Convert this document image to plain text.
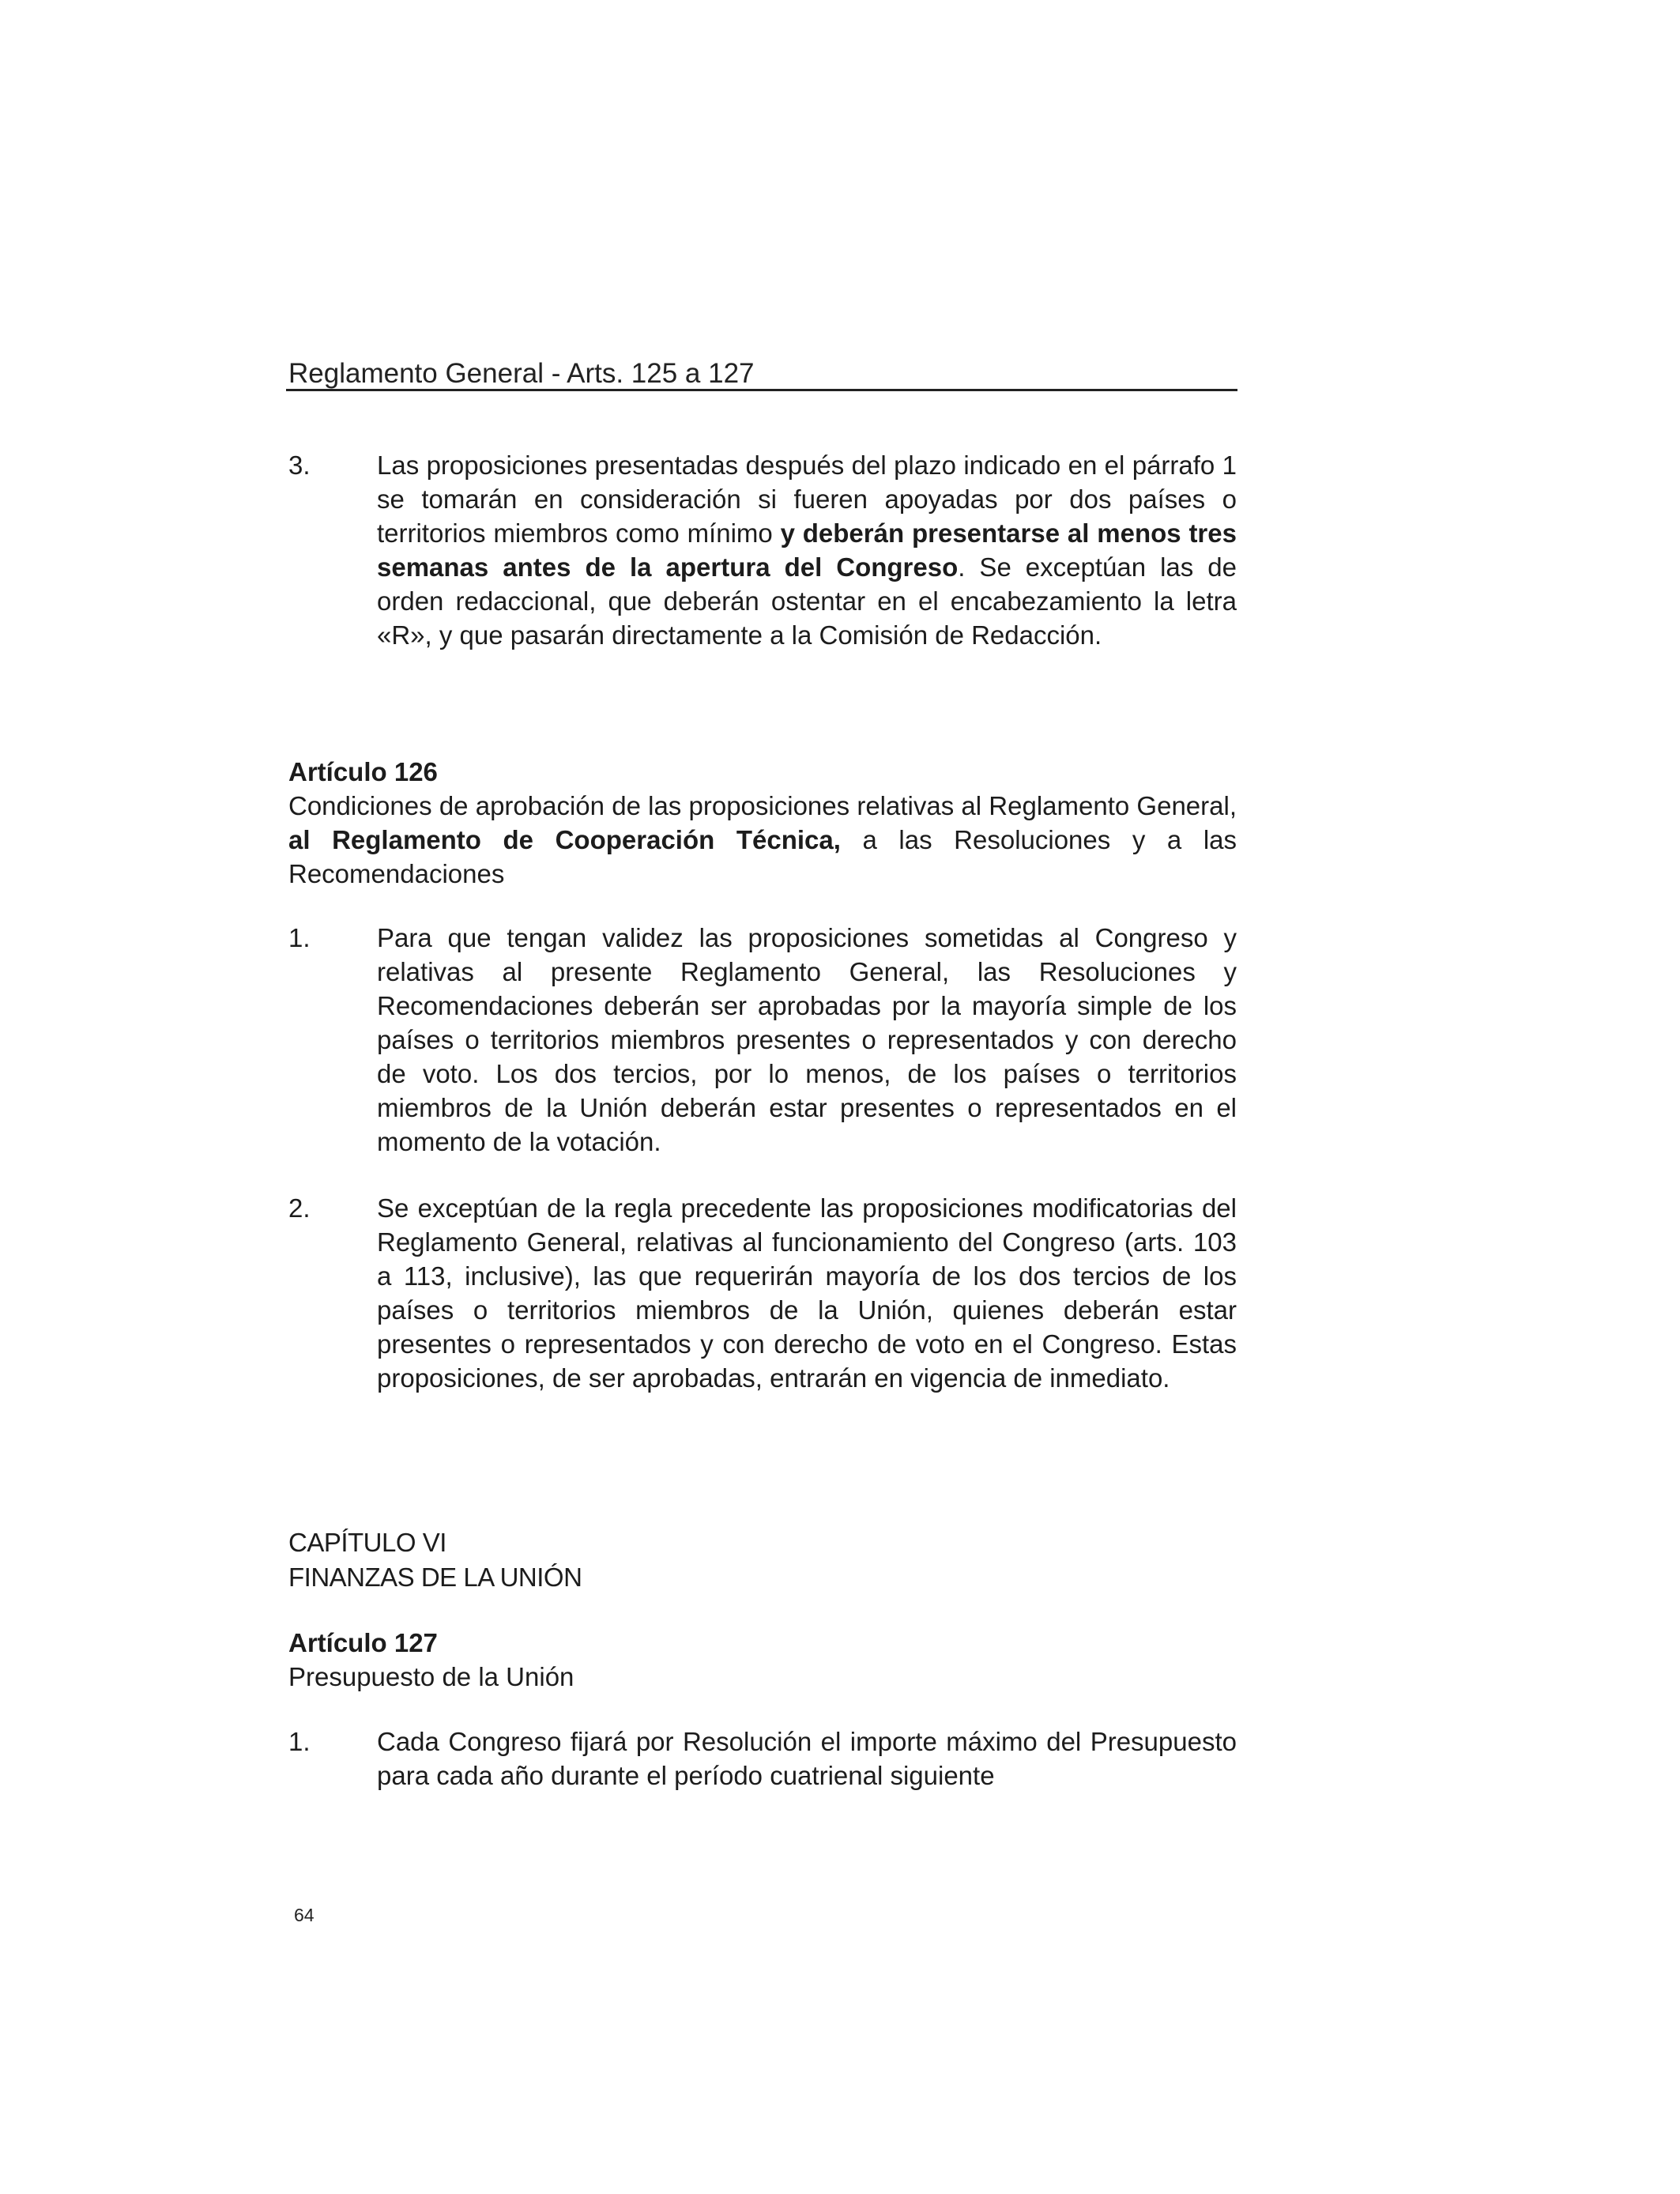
Reglamento General - Arts. 125 a 127
3.	Las proposiciones presentadas después del plazo indicado en el párrafo 1 se tomarán en consideración si fueren apoyadas por dos países o territorios miembros como mínimo y deberán presentarse al menos tres semanas antes de la apertura del Congreso. Se exceptúan las de orden redaccional, que deberán ostentar en el encabezamiento la letra «R», y que pasarán directamente a la Comisión de Redacción.
Artículo 126
Condiciones de aprobación de las proposiciones relativas al Reglamento General, al Reglamento de Cooperación Técnica, a las Resoluciones y a las Recomendaciones
1.	Para que tengan validez las proposiciones sometidas al Congreso y relativas al presente Reglamento General, las Resoluciones y Recomendaciones deberán ser aprobadas por la mayoría simple de los países o territorios miembros presentes o representados y con derecho de voto. Los dos tercios, por lo menos, de los países o territorios miembros de la Unión deberán estar presentes o representados en el momento de la votación.
2.	Se exceptúan de la regla precedente las proposiciones modificatorias del Reglamento General, relativas al funcionamiento del Congreso (arts. 103 a 113, inclusive), las que requerirán mayoría de los dos tercios de los países o territorios miembros de la Unión, quienes deberán estar presentes o representados y con derecho de voto en el Congreso. Estas proposiciones, de ser aprobadas, entrarán en vigencia de inmediato.
CAPÍTULO VI
FINANZAS DE LA UNIÓN
Artículo 127
Presupuesto de la Unión
1.	Cada Congreso fijará por Resolución el importe máximo del Presupuesto para cada año durante el período cuatrienal siguiente
64
